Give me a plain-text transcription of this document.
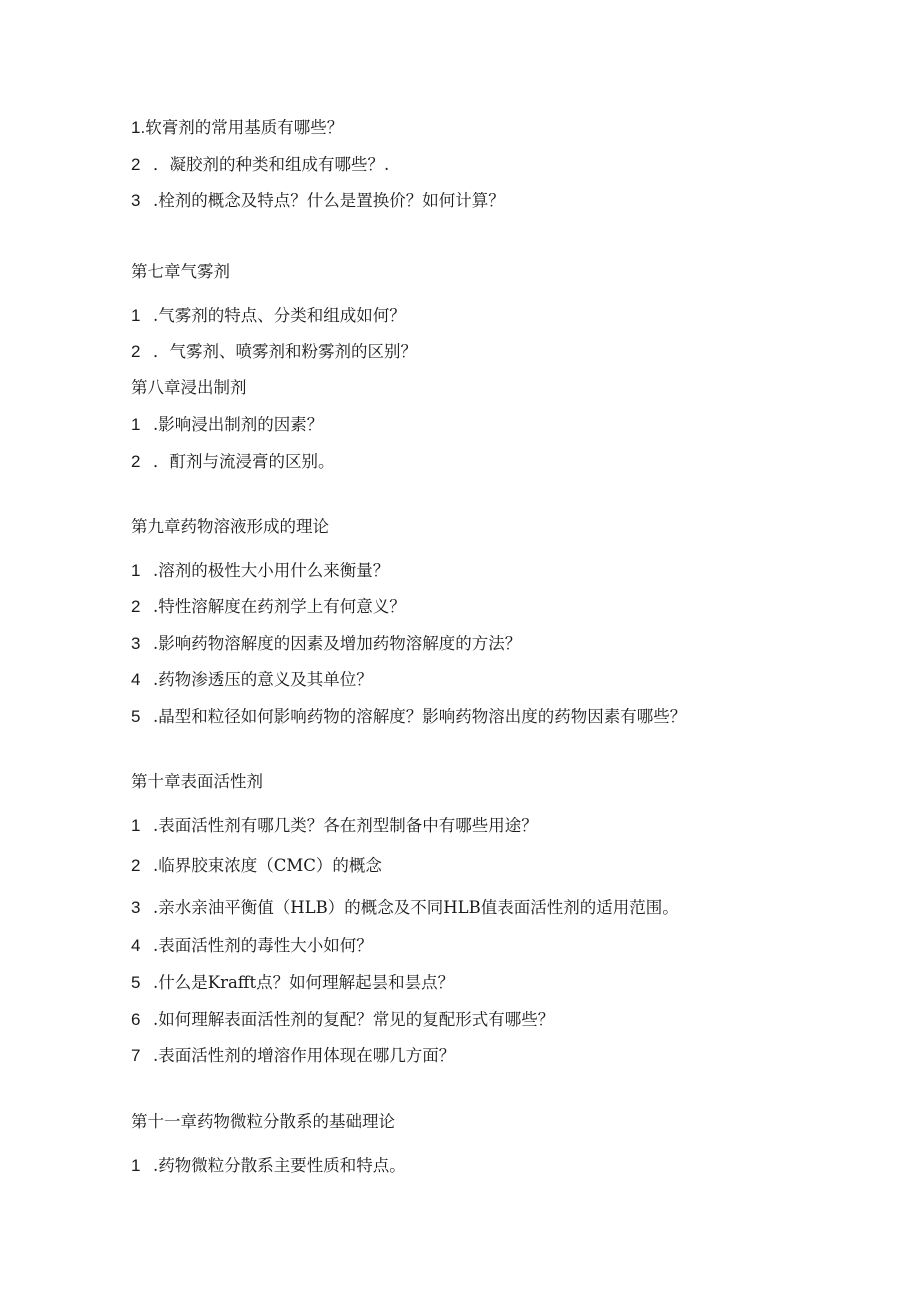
1.软膏剂的常用基质有哪些？
2 ．凝胶剂的种类和组成有哪些？.
3 .栓剂的概念及特点？什么是置换价？如何计算？
第七章气雾剂
1 .气雾剂的特点、分类和组成如何？
2 ．气雾剂、喷雾剂和粉雾剂的区别？
第八章浸出制剂
1 .影响浸出制剂的因素？
2 ．酊剂与流浸膏的区别。
第九章药物溶液形成的理论
1 .溶剂的极性大小用什么来衡量？
2 .特性溶解度在药剂学上有何意义？
3 .影响药物溶解度的因素及增加药物溶解度的方法？
4 .药物渗透压的意义及其单位？
5 .晶型和粒径如何影响药物的溶解度？影响药物溶出度的药物因素有哪些？
第十章表面活性剂
1 .表面活性剂有哪几类？各在剂型制备中有哪些用途？
2 .临界胶束浓度（CMC）的概念
3 .亲水亲油平衡值（HLB）的概念及不同HLB值表面活性剂的适用范围。
4 .表面活性剂的毒性大小如何？
5 .什么是Krafft点？如何理解起昙和昙点？
6 .如何理解表面活性剂的复配？常见的复配形式有哪些？
7 .表面活性剂的增溶作用体现在哪几方面？
第十一章药物微粒分散系的基础理论
1 .药物微粒分散系主要性质和特点。
